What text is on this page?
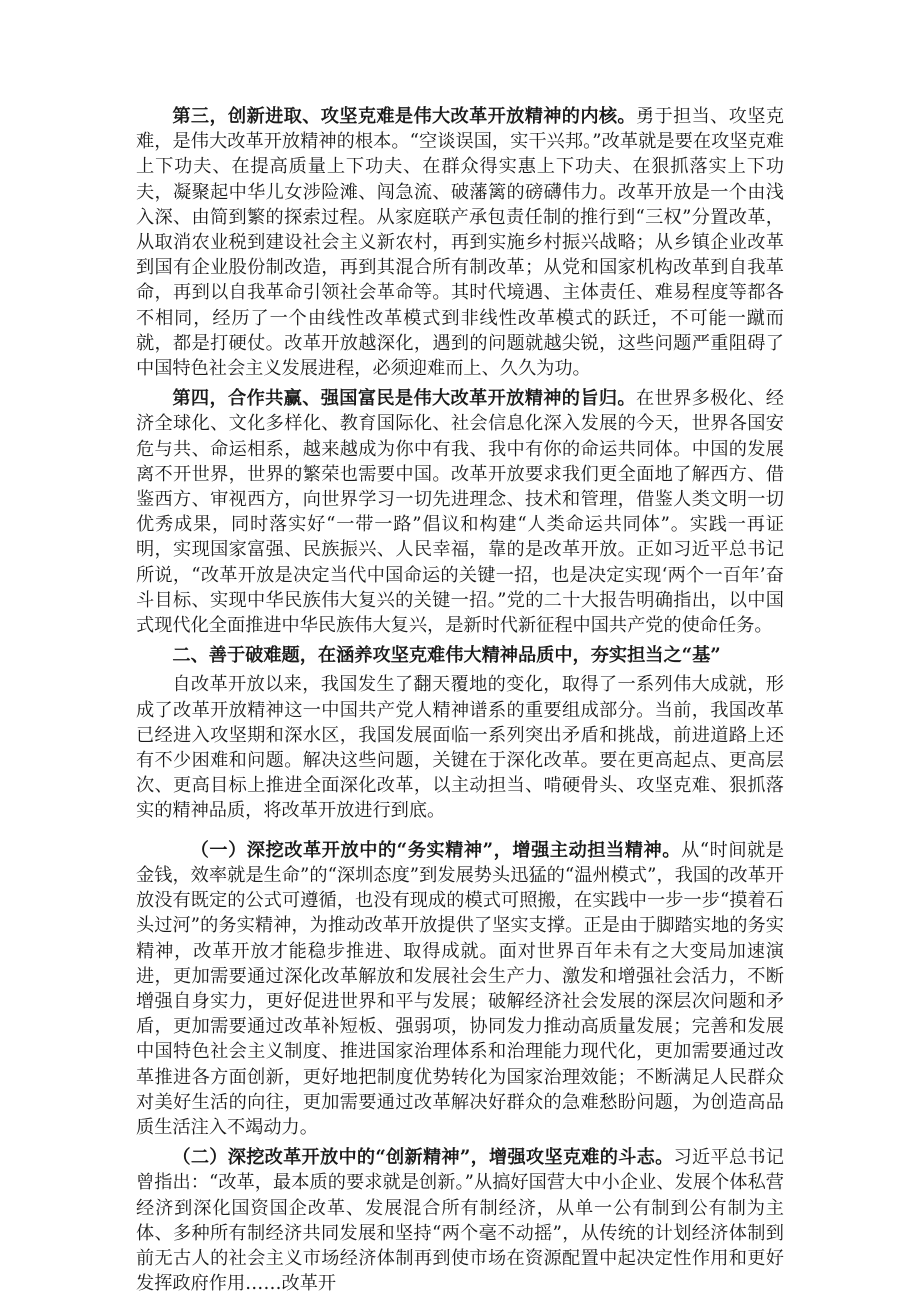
第三，创新进取、攻坚克难是伟大改革开放精神的内核。勇于担当、攻坚克难，是伟大改革开放精神的根本。“空谈误国，实干兴邦。”改革就是要在攻坚克难上下功夫、在提高质量上下功夫、在群众得实惠上下功夫、在狠抓落实上下功夫，凝聚起中华儿女涉险滩、闯急流、破藩篱的磅礴伟力。改革开放是一个由浅入深、由简到繁的探索过程。从家庭联产承包责任制的推行到“三权”分置改革，从取消农业税到建设社会主义新农村，再到实施乡村振兴战略；从乡镇企业改革到国有企业股份制改造，再到其混合所有制改革；从党和国家机构改革到自我革命，再到以自我革命引领社会革命等。其时代境遇、主体责任、难易程度等都各不相同，经历了一个由线性改革模式到非线性改革模式的跃迁，不可能一蹴而就，都是打硬仗。改革开放越深化，遇到的问题就越尖锐，这些问题严重阻碍了中国特色社会主义发展进程，必须迎难而上、久久为功。

第四，合作共赢、强国富民是伟大改革开放精神的旨归。在世界多极化、经济全球化、文化多样化、教育国际化、社会信息化深入发展的今天，世界各国安危与共、命运相系，越来越成为你中有我、我中有你的命运共同体。中国的发展离不开世界，世界的繁荣也需要中国。改革开放要求我们更全面地了解西方、借鉴西方、审视西方，向世界学习一切先进理念、技术和管理，借鉴人类文明一切优秀成果，同时落实好“一带一路”倡议和构建“人类命运共同体”。实践一再证明，实现国家富强、民族振兴、人民幸福，靠的是改革开放。正如习近平总书记所说，“改革开放是决定当代中国命运的关键一招，也是决定实现‘两个一百年’奋斗目标、实现中华民族伟大复兴的关键一招。”党的二十大报告明确指出，以中国式现代化全面推进中华民族伟大复兴，是新时代新征程中国共产党的使命任务。

二、善于破难题，在涵养攻坚克难伟大精神品质中，夯实担当之“基”

自改革开放以来，我国发生了翻天覆地的变化，取得了一系列伟大成就，形成了改革开放精神这一中国共产党人精神谱系的重要组成部分。当前，我国改革已经进入攻坚期和深水区，我国发展面临一系列突出矛盾和挑战，前进道路上还有不少困难和问题。解决这些问题，关键在于深化改革。要在更高起点、更高层次、更高目标上推进全面深化改革，以主动担当、啃硬骨头、攻坚克难、狠抓落实的精神品质，将改革开放进行到底。

（一）深挖改革开放中的“务实精神”，增强主动担当精神。从“时间就是金钱，效率就是生命”的“深圳态度”到发展势头迅猛的“温州模式”，我国的改革开放没有既定的公式可遵循，也没有现成的模式可照搬，在实践中一步一步“摸着石头过河”的务实精神，为推动改革开放提供了坚实支撑。正是由于脚踏实地的务实精神，改革开放才能稳步推进、取得成就。面对世界百年未有之大变局加速演进，更加需要通过深化改革解放和发展社会生产力、激发和增强社会活力，不断增强自身实力，更好促进世界和平与发展；破解经济社会发展的深层次问题和矛盾，更加需要通过改革补短板、强弱项，协同发力推动高质量发展；完善和发展中国特色社会主义制度、推进国家治理体系和治理能力现代化，更加需要通过改革推进各方面创新，更好地把制度优势转化为国家治理效能；不断满足人民群众对美好生活的向往，更加需要通过改革解决好群众的急难愁盼问题，为创造高品质生活注入不竭动力。

（二）深挖改革开放中的“创新精神”，增强攻坚克难的斗志。习近平总书记曾指出：“改革，最本质的要求就是创新。”从搞好国营大中小企业、发展个体私营经济到深化国资国企改革、发展混合所有制经济，从单一公有制到公有制为主体、多种所有制经济共同发展和坚持“两个毫不动摇”，从传统的计划经济体制到前无古人的社会主义市场经济体制再到使市场在资源配置中起决定性作用和更好发挥政府作用……改革开
